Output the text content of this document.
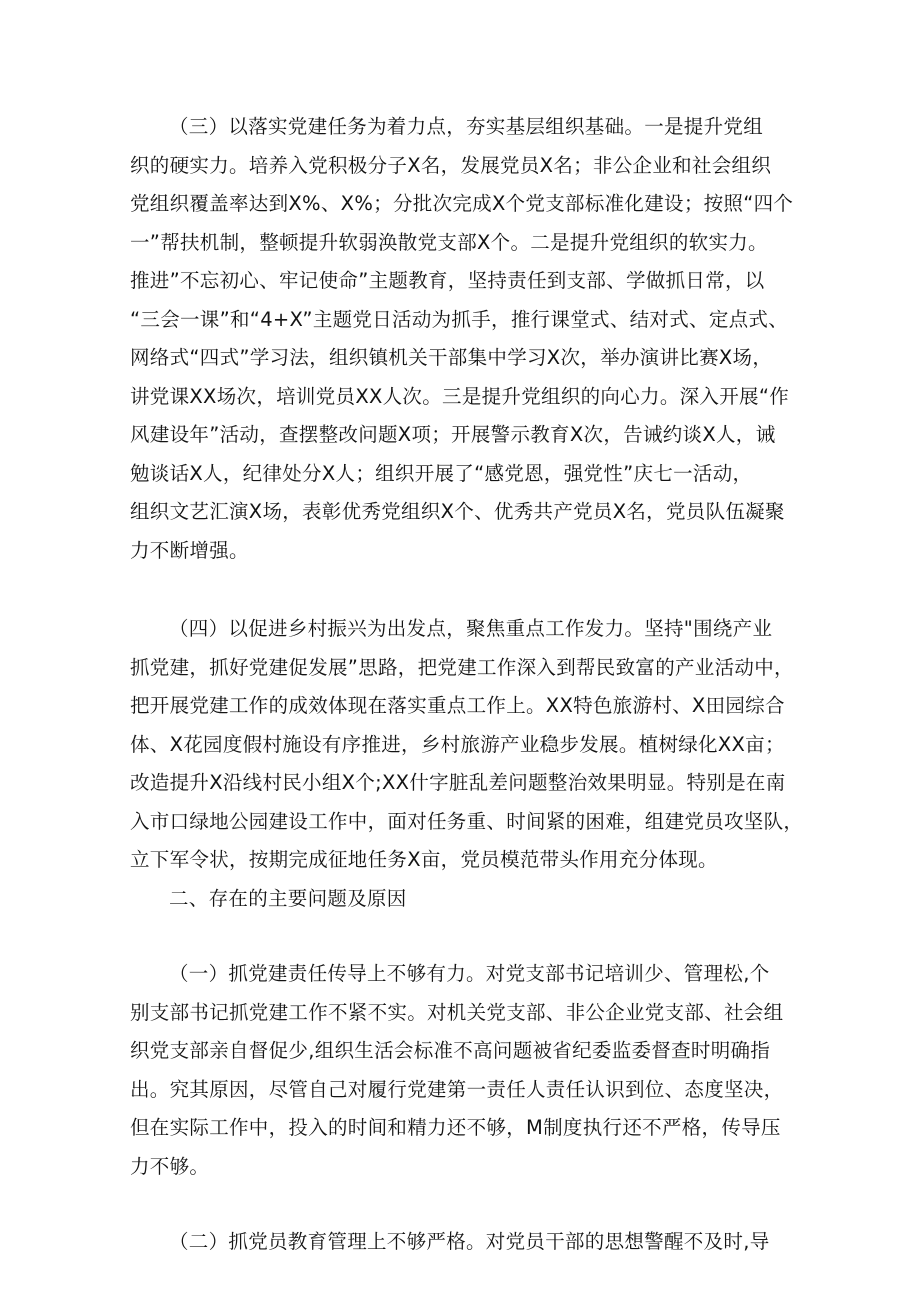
（三）以落实党建任务为着力点，夯实基层组织基础。一是提升党组
织的硬实力。培养入党积极分子X名，发展党员X名；非公企业和社会组织
党组织覆盖率达到X%、X%；分批次完成X个党支部标准化建设；按照“四个
一”帮扶机制，整顿提升软弱涣散党支部X个。二是提升党组织的软实力。
推进”不忘初心、牢记使命”主题教育，坚持责任到支部、学做抓日常，以
“三会一课”和“4+X”主题党日活动为抓手，推行课堂式、结对式、定点式、
网络式“四式”学习法，组织镇机关干部集中学习X次，举办演讲比赛X场，
讲党课XX场次，培训党员XX人次。三是提升党组织的向心力。深入开展“作
风建设年”活动，查摆整改问题X项；开展警示教育X次，告诫约谈X人，诫
勉谈话X人，纪律处分X人；组织开展了“感党恩，强党性”庆七一活动，
组织文艺汇演X场，表彰优秀党组织X个、优秀共产党员X名，党员队伍凝聚
力不断增强。

（四）以促进乡村振兴为出发点，聚焦重点工作发力。坚持"围绕产业
抓党建，抓好党建促发展”思路，把党建工作深入到帮民致富的产业活动中，
把开展党建工作的成效体现在落实重点工作上。XX特色旅游村、X田园综合
体、X花园度假村施设有序推进，乡村旅游产业稳步发展。植树绿化XX亩；
改造提升X沿线村民小组X个;XX什字脏乱差问题整治效果明显。特别是在南
入市口绿地公园建设工作中，面对任务重、时间紧的困难，组建党员攻坚队，
立下军令状，按期完成征地任务X亩，党员模范带头作用充分体现。

二、存在的主要问题及原因

（一）抓党建责任传导上不够有力。对党支部书记培训少、管理松,个
别支部书记抓党建工作不紧不实。对机关党支部、非公企业党支部、社会组
织党支部亲自督促少,组织生活会标准不高问题被省纪委监委督查时明确指
出。究其原因，尽管自己对履行党建第一责任人责任认识到位、态度坚决，
但在实际工作中，投入的时间和精力还不够，M制度执行还不严格，传导压
力不够。

（二）抓党员教育管理上不够严格。对党员干部的思想警醒不及时,导
